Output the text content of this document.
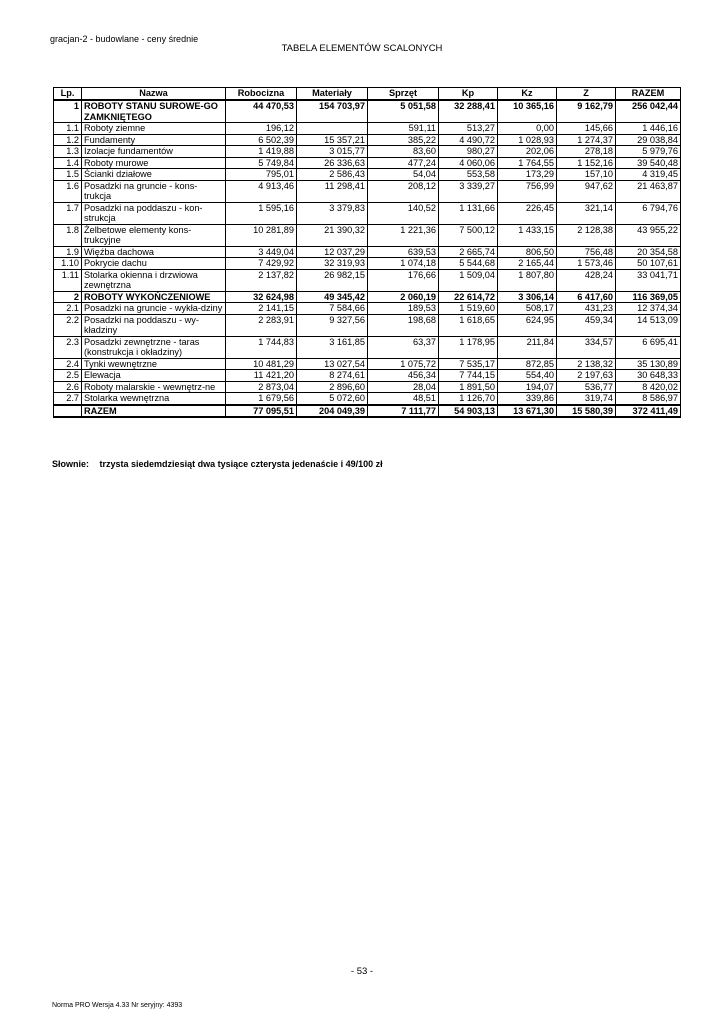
gracjan-2 - budowlane - ceny średnie
TABELA ELEMENTÓW SCALONYCH
Lp.	Nazwa	Robocizna	Materiały	Sprzęt	Kp	Kz	Z	RAZEM
1	ROBOTY STANU SUROWE-GO ZAMKNIĘTEGO	44 470,53	154 703,97	5 051,58	32 288,41	10 365,16	9 162,79	256 042,44
1.1	Roboty ziemne	196,12		591,11	513,27	0,00	145,66	1 446,16
1.2	Fundamenty	6 502,39	15 357,21	385,22	4 490,72	1 028,93	1 274,37	29 038,84
1.3	Izolacje fundamentów	1 419,88	3 015,77	83,60	980,27	202,06	278,18	5 979,76
1.4	Roboty murowe	5 749,84	26 336,63	477,24	4 060,06	1 764,55	1 152,16	39 540,48
1.5	Ścianki działowe	795,01	2 586,43	54,04	553,58	173,29	157,10	4 319,45
1.6	Posadzki na gruncie - kons-trukcja	4 913,46	11 298,41	208,12	3 339,27	756,99	947,62	21 463,87
1.7	Posadzki na poddaszu - kon-strukcja	1 595,16	3 379,83	140,52	1 131,66	226,45	321,14	6 794,76
1.8	Żelbetowe elementy kons-trukcyjne	10 281,89	21 390,32	1 221,36	7 500,12	1 433,15	2 128,38	43 955,22
1.9	Więźba dachowa	3 449,04	12 037,29	639,53	2 665,74	806,50	756,48	20 354,58
1.10	Pokrycie dachu	7 429,92	32 319,93	1 074,18	5 544,68	2 165,44	1 573,46	50 107,61
1.11	Stolarka okienna i drzwiowa zewnętrzna	2 137,82	26 982,15	176,66	1 509,04	1 807,80	428,24	33 041,71
2	ROBOTY WYKOŃCZENIOWE	32 624,98	49 345,42	2 060,19	22 614,72	3 306,14	6 417,60	116 369,05
2.1	Posadzki na gruncie - wykła-dziny	2 141,15	7 584,66	189,53	1 519,60	508,17	431,23	12 374,34
2.2	Posadzki na poddaszu - wy-kładziny	2 283,91	9 327,56	198,68	1 618,65	624,95	459,34	14 513,09
2.3	Posadzki zewnętrzne - taras (konstrukcja i okładziny)	1 744,83	3 161,85	63,37	1 178,95	211,84	334,57	6 695,41
2.4	Tynki wewnętrzne	10 481,29	13 027,54	1 075,72	7 535,17	872,85	2 138,32	35 130,89
2.5	Elewacja	11 421,20	8 274,61	456,34	7 744,15	554,40	2 197,63	30 648,33
2.6	Roboty malarskie - wewnętrz-ne	2 873,04	2 896,60	28,04	1 891,50	194,07	536,77	8 420,02
2.7	Stolarka wewnętrzna	1 679,56	5 072,60	48,51	1 126,70	339,86	319,74	8 586,97
	RAZEM	77 095,51	204 049,39	7 111,77	54 903,13	13 671,30	15 580,39	372 411,49
Słownie: trzysta siedemdziesiąt dwa tysiące czterysta jedenaście i 49/100 zł
- 53 -
Norma PRO Wersja 4.33 Nr seryjny: 4393
